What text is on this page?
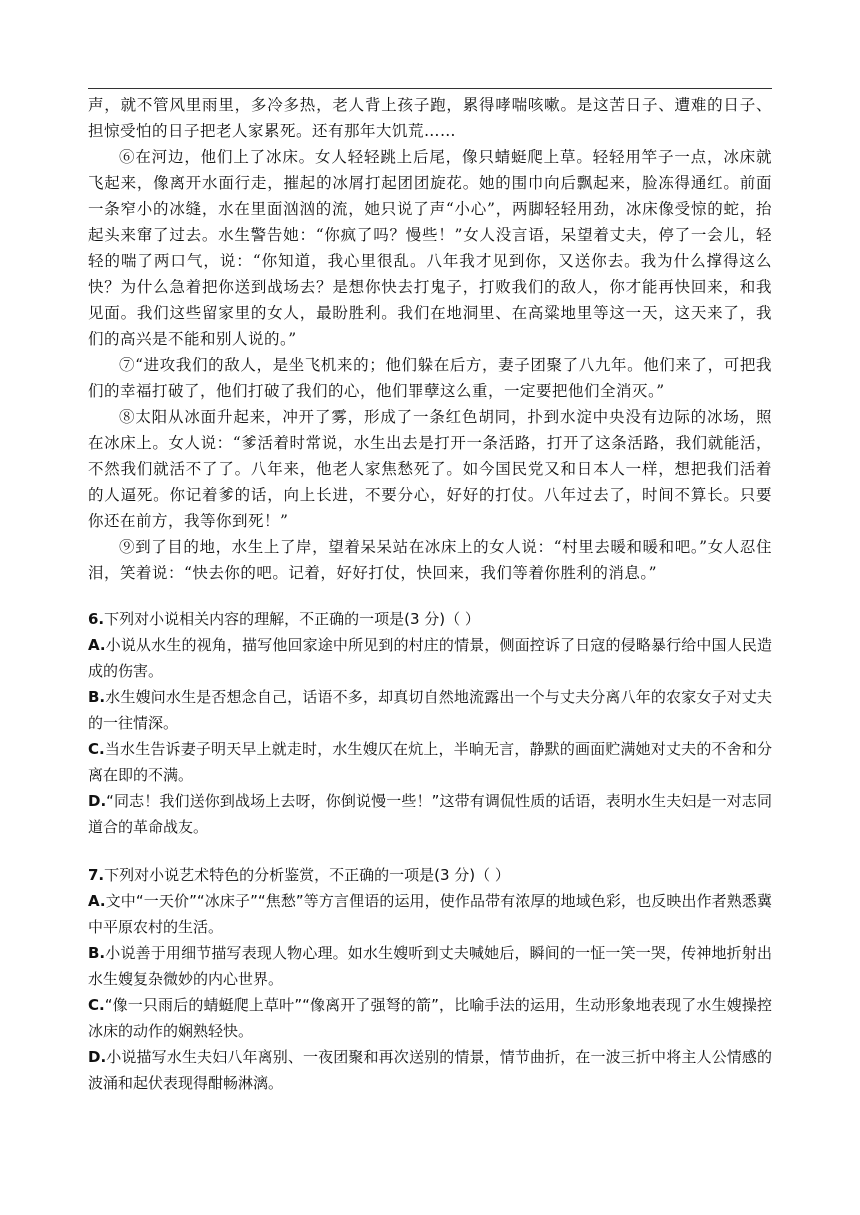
声，就不管风里雨里，多冷多热，老人背上孩子跑，累得哮喘咳嗽。是这苦日子、遭难的日子、担惊受怕的日子把老人家累死。还有那年大饥荒……

⑥在河边，他们上了冰床。女人轻轻跳上后尾，像只蜻蜓爬上草。轻轻用竿子一点，冰床就飞起来，像离开水面行走，摧起的冰屑打起团团旋花。她的围巾向后飘起来，脸冻得通红。前面一条窄小的冰缝，水在里面汹汹的流，她只说了声“小心”，两脚轻轻用劲，冰床像受惊的蛇，抬起头来窜了过去。水生警告她：“你疯了吗？慢些！”女人没言语，呆望着丈夫，停了一会儿，轻轻的喘了两口气，说：“你知道，我心里很乱。八年我才见到你，又送你去。我为什么撑得这么快？为什么急着把你送到战场去？是想你快去打鬼子，打败我们的敌人，你才能再快回来，和我见面。我们这些留家里的女人，最盼胜利。我们在地洞里、在高粱地里等这一天，这天来了，我们的高兴是不能和别人说的。”

⑦“进攻我们的敌人，是坐飞机来的；他们躲在后方，妻子团聚了八九年。他们来了，可把我们的幸福打破了，他们打破了我们的心，他们罪孽这么重，一定要把他们全消灭。”

⑧太阳从冰面升起来，冲开了雾，形成了一条红色胡同，扑到水淀中央没有边际的冰场，照在冰床上。女人说：“爹活着时常说，水生出去是打开一条活路，打开了这条活路，我们就能活，不然我们就活不了了。八年来，他老人家焦愁死了。如今国民党又和日本人一样，想把我们活着的人逼死。你记着爹的话，向上长进，不要分心，好好的打仗。八年过去了，时间不算长。只要你还在前方，我等你到死！”

⑨到了目的地，水生上了岸，望着呆呆站在冰床上的女人说：“村里去暖和暖和吧。”女人忍住泪，笑着说：“快去你的吧。记着，好好打仗，快回来，我们等着你胜利的消息。”

6.下列对小说相关内容的理解，不正确的一项是(3 分)（ ）

A.小说从水生的视角，描写他回家途中所见到的村庄的情景，侧面控诉了日寇的侵略暴行给中国人民造成的伤害。

B.水生嫂问水生是否想念自己，话语不多，却真切自然地流露出一个与丈夫分离八年的农家女子对丈夫的一往情深。

C.当水生告诉妻子明天早上就走时，水生嫂仄在炕上，半晌无言，静默的画面贮满她对丈夫的不舍和分离在即的不满。

D.“同志！我们送你到战场上去呀，你倒说慢一些！”这带有调侃性质的话语，表明水生夫妇是一对志同道合的革命战友。

7.下列对小说艺术特色的分析鉴赏，不正确的一项是(3 分)（ ）

A.文中“一天价”“冰床子”“焦愁”等方言俚语的运用，使作品带有浓厚的地域色彩，也反映出作者熟悉冀中平原农村的生活。

B.小说善于用细节描写表现人物心理。如水生嫂听到丈夫喊她后，瞬间的一怔一笑一哭，传神地折射出水生嫂复杂微妙的内心世界。

C.“像一只雨后的蜻蜓爬上草叶”“像离开了强弩的箭”，比喻手法的运用，生动形象地表现了水生嫂操控冰床的动作的娴熟轻快。

D.小说描写水生夫妇八年离别、一夜团聚和再次送别的情景，情节曲折，在一波三折中将主人公情感的波涌和起伏表现得酣畅淋漓。
